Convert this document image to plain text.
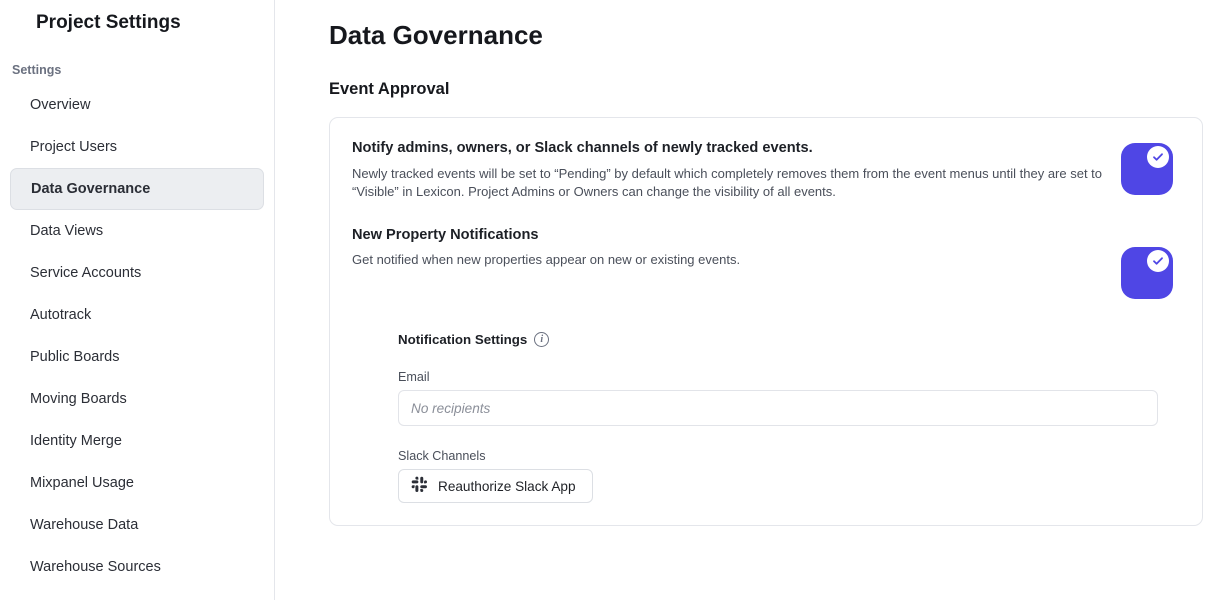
Project Settings
Settings
Overview
Project Users
Data Governance
Data Views
Service Accounts
Autotrack
Public Boards
Moving Boards
Identity Merge
Mixpanel Usage
Warehouse Data
Warehouse Sources
Data Governance
Event Approval
Notify admins, owners, or Slack channels of newly tracked events.
Newly tracked events will be set to “Pending” by default which completely removes them from the event menus until they are set to “Visible” in Lexicon. Project Admins or Owners can change the visibility of all events.
New Property Notifications
Get notified when new properties appear on new or existing events.
Notification Settings	i
Email
No recipients
Slack Channels
Reauthorize Slack App
